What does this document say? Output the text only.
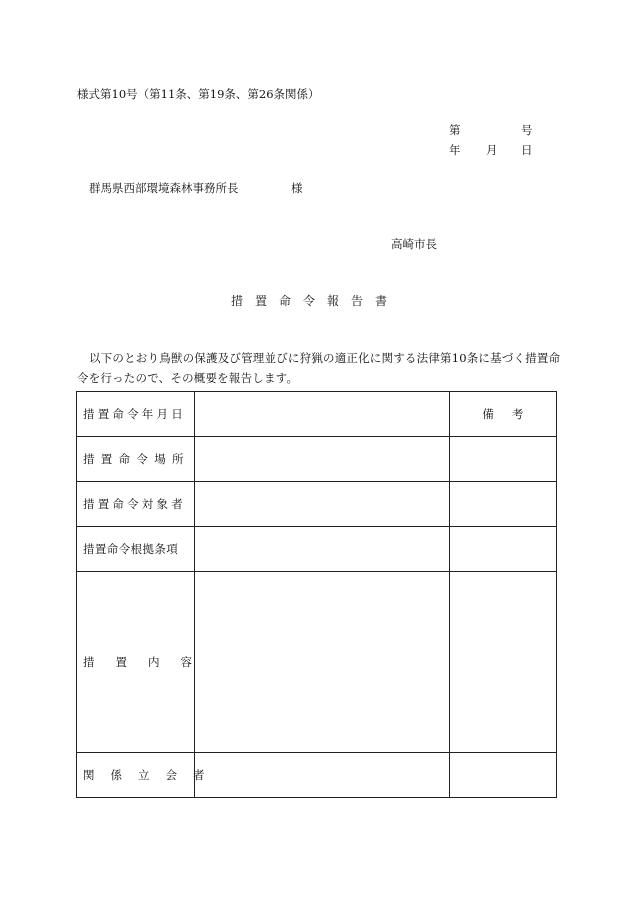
様式第10号（第11条、第19条、第26条関係）
第	号
年 月 日
群馬県西部環境森林事務所長	様
高崎市長
措置命令報告書
以下のとおり鳥獣の保護及び管理並びに狩猟の適正化に関する法律第10条に基づく措置命令を行ったので、その概要を報告します。
措置命令年月日		備考
措置命令場所		
措置命令対象者		
措置命令根拠条項		
措置内容		
関係立会者		
